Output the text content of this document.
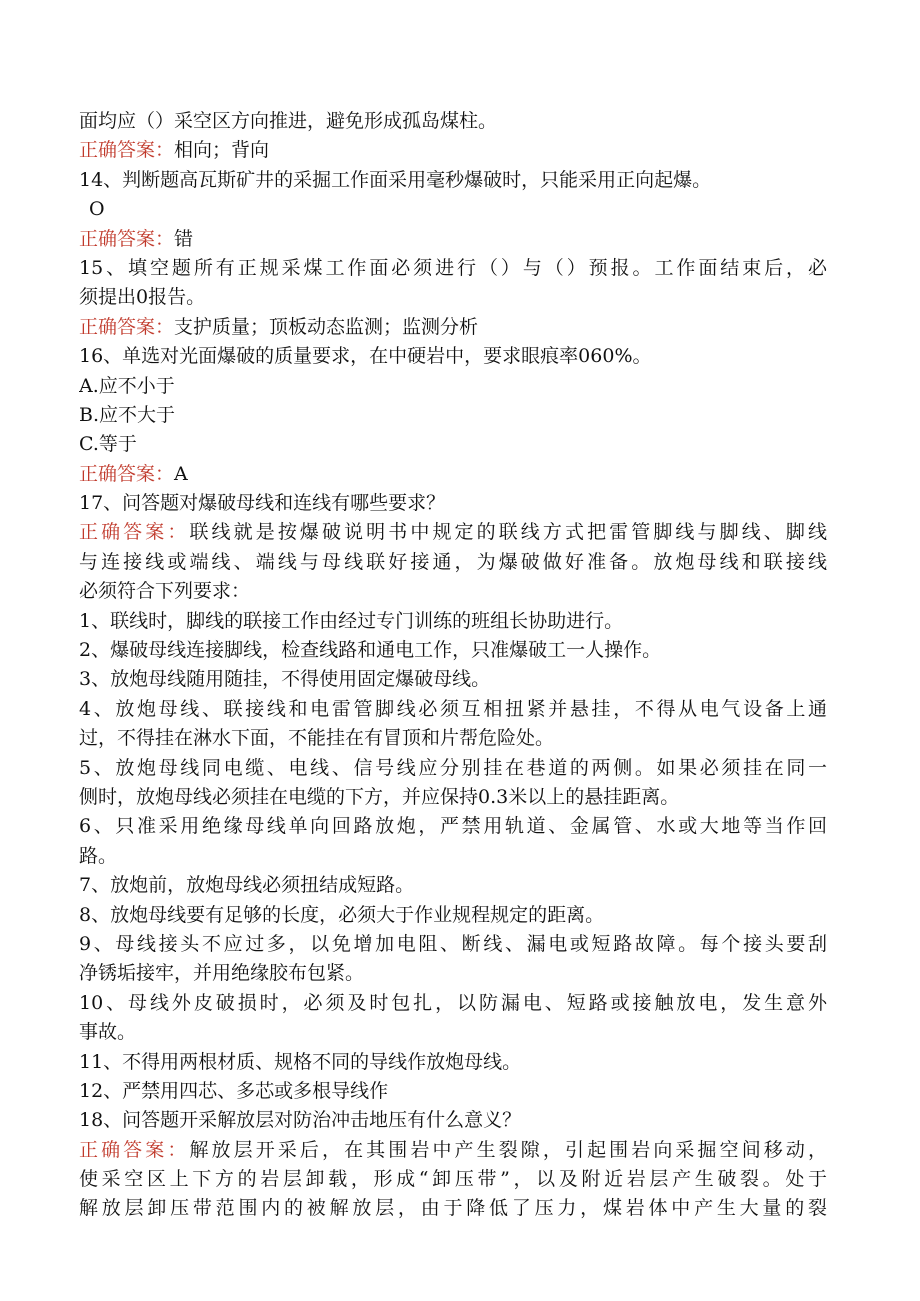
面均应（）采空区方向推进，避免形成孤岛煤柱。
正确答案：相向；背向
14、判断题高瓦斯矿井的采掘工作面采用毫秒爆破时，只能采用正向起爆。
O
正确答案：错
15、填空题所有正规采煤工作面必须进行（）与（）预报。工作面结束后，必
须提出0报告。
正确答案：支护质量；顶板动态监测；监测分析
16、单选对光面爆破的质量要求，在中硬岩中，要求眼痕率060%。
A.应不小于
B.应不大于
C.等于
正确答案：A
17、问答题对爆破母线和连线有哪些要求？
正确答案：联线就是按爆破说明书中规定的联线方式把雷管脚线与脚线、脚线
与连接线或端线、端线与母线联好接通，为爆破做好准备。放炮母线和联接线
必须符合下列要求：
1、联线时，脚线的联接工作由经过专门训练的班组长协助进行。
2、爆破母线连接脚线，检查线路和通电工作，只准爆破工一人操作。
3、放炮母线随用随挂，不得使用固定爆破母线。
4、放炮母线、联接线和电雷管脚线必须互相扭紧并悬挂，不得从电气设备上通
过，不得挂在淋水下面，不能挂在有冒顶和片帮危险处。
5、放炮母线同电缆、电线、信号线应分别挂在巷道的两侧。如果必须挂在同一
侧时，放炮母线必须挂在电缆的下方，并应保持0.3米以上的悬挂距离。
6、只准采用绝缘母线单向回路放炮，严禁用轨道、金属管、水或大地等当作回
路。
7、放炮前，放炮母线必须扭结成短路。
8、放炮母线要有足够的长度，必须大于作业规程规定的距离。
9、母线接头不应过多，以免增加电阻、断线、漏电或短路故障。每个接头要刮
净锈垢接牢，并用绝缘胶布包紧。
10、母线外皮破损时，必须及时包扎，以防漏电、短路或接触放电，发生意外
事故。
11、不得用两根材质、规格不同的导线作放炮母线。
12、严禁用四芯、多芯或多根导线作
18、问答题开采解放层对防治冲击地压有什么意义？
正确答案：解放层开采后，在其围岩中产生裂隙，引起围岩向采掘空间移动，
使采空区上下方的岩层卸载，形成“卸压带”，以及附近岩层产生破裂。处于
解放层卸压带范围内的被解放层，由于降低了压力，煤岩体中产生大量的裂
